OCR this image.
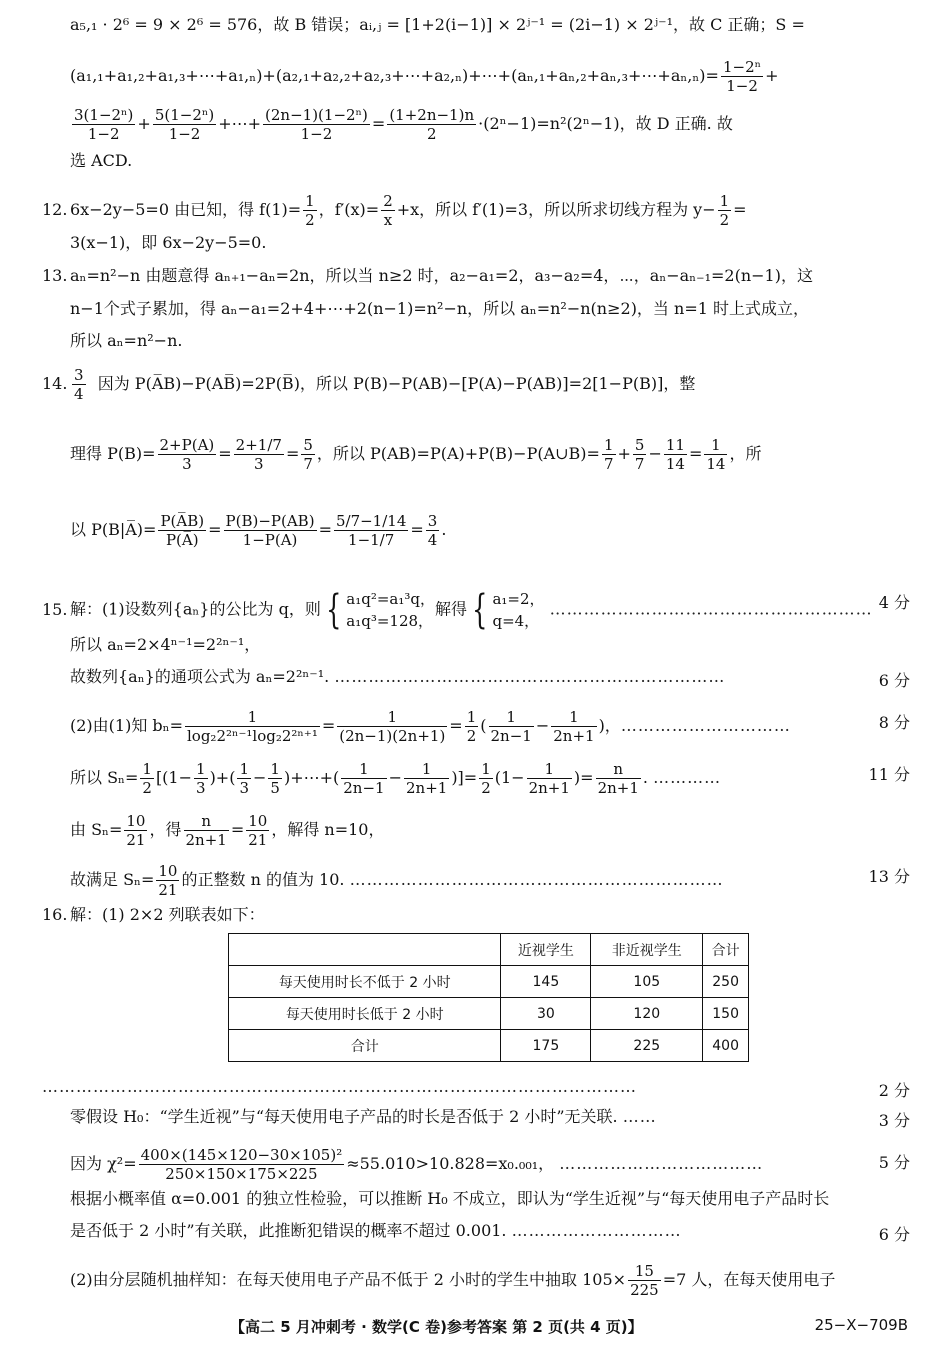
a₅,₁ · 2⁶ = 9 × 2⁶ = 576，故 B 错误；aᵢ,ⱼ = [1+2(i−1)] × 2ʲ⁻¹ = (2i−1) × 2ʲ⁻¹，故 C 正确；S =
(a₁,₁+a₁,₂+a₁,₃+⋯+a₁,ₙ)+(a₂,₁+a₂,₂+a₂,₃+⋯+a₂,ₙ)+⋯+(aₙ,₁+aₙ,₂+aₙ,₃+⋯+aₙ,ₙ)= $\frac{\text{1−2ⁿ}}{1-2}$ +
$\frac{\text{3(1−2ⁿ)}}{1-2} + \frac{\text{5(1−2ⁿ)}}{1-2}$ +⋯+ $\frac{\text{(2n−1)(1−2ⁿ)}}{1-2} = \frac{(1+2n-1)n}{2} \cdot(2^n-1)=n^2(2^n-1)$，故 D 正确. 故
选 ACD.
12. 6x−2y−5=0 由已知，得 $f(1)= \frac{1}{2}$ ，$f'(x)= \frac{2}{x} +x$，所以 f′(1)=3，所以所求切线方程为 $y- \frac{1}{2}$ =
3(x−1)，即 6x−2y−5=0.
13. aₙ=n²−n 由题意得 aₙ₊₁−aₙ=2n，所以当 n≥2 时，a₂−a₁=2，a₃−a₂=4，⋯，aₙ−aₙ₋₁=2(n−1)，这
n−1个式子累加，得 aₙ−a₁=2+4+⋯+2(n−1)=n²−n，所以 aₙ=n²−n(n≥2)，当 n=1 时上式成立，
所以 aₙ=n²−n.
14. $\frac{3}{4}$ 因为 P(A̅B)−P(AB̅)=2P(B̅)，所以 P(B)−P(AB)−[P(A)−P(AB)]=2[1−P(B)]，整
理得 $P(B)= \frac{2+P(A)}{3} = \frac{2+1/7}{3} = \frac{5}{7}$ ，所以 P(AB)=P(A)+P(B)−P(A∪B)= $\frac{1}{7} + \frac{5}{7} - \frac{11}{14} = \frac{1}{14}$ ，所
以 P(B|A̅)= $\frac{P(A̅B)}{P(A̅)} = \frac{P(B)-P(AB)}{1-P(A)} = \frac{5/7-1/14}{1-1/7} = \frac{3}{4}$ .
15. 解：(1)设数列{aₙ}的公比为 q，则 { a₁q²=a₁³q，
a₁q³=128，解得 { a₁=2，
q=4， ………………………………………………… 4 分
所以 aₙ=2×4ⁿ⁻¹=2²ⁿ⁻¹，
故数列{aₙ}的通项公式为 aₙ=2²ⁿ⁻¹. ……………………………………………………………	6 分
(2)由(1)知 $b_n= \frac{1}{\text{log₂2²ⁿ⁻¹log₂2²ⁿ⁺¹}} = \frac{1}{(2n-1)(2n+1)} = \frac{1}{2}$ ( $\frac{1}{2n-1} - \frac{1}{2n+1}$ )，…………………………	8 分
所以 $S_n= \frac{1}{2} [(1- \frac{1}{3}$ )+( $\frac{1}{3} - \frac{1}{5}$ )+⋯+( $\frac{1}{2n-1} - \frac{1}{2n+1}$ )]= $\frac{1}{2} (1- \frac{1}{2n+1}$ )= $\frac{n}{2n+1}$ . …………	11 分
由 $S_n= \frac{10}{21}$ ，得 $\frac{n}{2n+1} = \frac{10}{21}$ ，解得 n=10，
故满足 $S_n= \frac{10}{21}$ 的正整数 n 的值为 10. …………………………………………………………	13 分
16. 解：(1) 2×2 列联表如下：
	近视学生	非近视学生	合计
每天使用时长不低于 2 小时	145	105	250
每天使用时长低于 2 小时	30	120	150
合计	175	225	400
……………………………………………………………………………………………	2 分
零假设 H₀：“学生近视”与“每天使用电子产品的时长是否低于 2 小时”无关联. ……	3 分
因为 $\chi^2= \frac{\text{400×(145×120−30×105)²}}{250\times 150\times 175\times 225} \approx 55.010>10.828=x_0._{001}$， ………………………………	5 分
根据小概率值 α=0.001 的独立性检验，可以推断 H₀ 不成立，即认为“学生近视”与“每天使用电子产品时长
是否低于 2 小时”有关联，此推断犯错误的概率不超过 0.001. …………………………	6 分
(2)由分层随机抽样知：在每天使用电子产品不低于 2 小时的学生中抽取 $105\times \frac{15}{225} =7$ 人，在每天使用电子
【高二 5 月冲刺考 · 数学(C 卷)参考答案 第 2 页(共 4 页)】	25−X−709B
